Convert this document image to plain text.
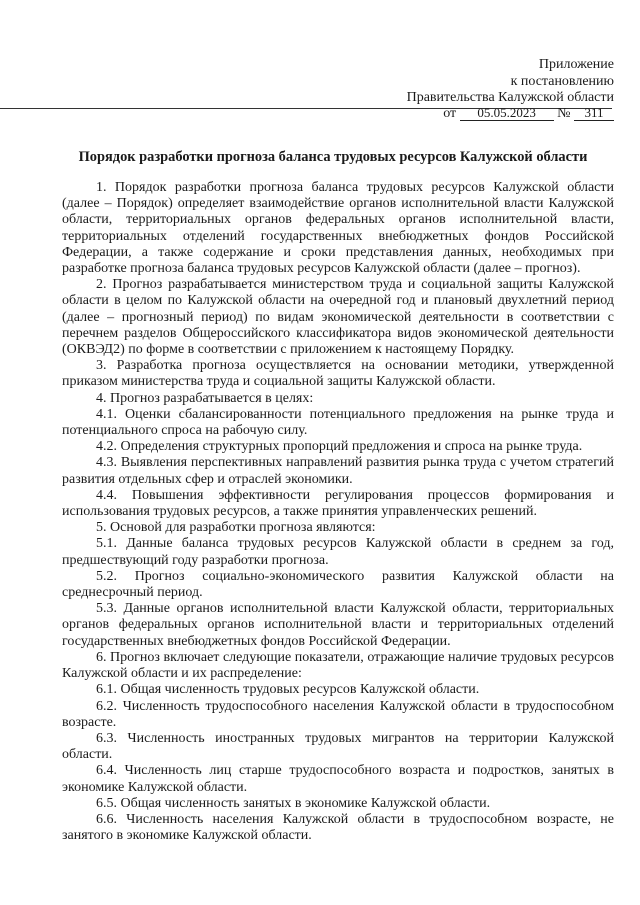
Приложение
к постановлению
Правительства Калужской области
от 05.05.2023 № 311
Порядок разработки прогноза баланса трудовых ресурсов Калужской области

1. Порядок разработки прогноза баланса трудовых ресурсов Калужской области (далее – Порядок) определяет взаимодействие органов исполнительной власти Калужской области, территориальных органов федеральных органов исполнительной власти, территориальных отделений государственных внебюджетных фондов Российской Федерации, а также содержание и сроки представления данных, необходимых при разработке прогноза баланса трудовых ресурсов Калужской области (далее – прогноз).

2. Прогноз разрабатывается министерством труда и социальной защиты Калужской области в целом по Калужской области на очередной год и плановый двухлетний период (далее – прогнозный период) по видам экономической деятельности в соответствии с перечнем разделов Общероссийского классификатора видов экономической деятельности (ОКВЭД2) по форме в соответствии с приложением к настоящему Порядку.

3. Разработка прогноза осуществляется на основании методики, утвержденной приказом министерства труда и социальной защиты Калужской области.

4. Прогноз разрабатывается в целях:

4.1. Оценки сбалансированности потенциального предложения на рынке труда и потенциального спроса на рабочую силу.

4.2. Определения структурных пропорций предложения и спроса на рынке труда.

4.3. Выявления перспективных направлений развития рынка труда с учетом стратегий развития отдельных сфер и отраслей экономики.

4.4. Повышения эффективности регулирования процессов формирования и использования трудовых ресурсов, а также принятия управленческих решений.

5. Основой для разработки прогноза являются:

5.1. Данные баланса трудовых ресурсов Калужской области в среднем за год, предшествующий году разработки прогноза.

5.2. Прогноз социально-экономического развития Калужской области на среднесрочный период.

5.3. Данные органов исполнительной власти Калужской области, территориальных органов федеральных органов исполнительной власти и территориальных отделений государственных внебюджетных фондов Российской Федерации.

6. Прогноз включает следующие показатели, отражающие наличие трудовых ресурсов Калужской области и их распределение:

6.1. Общая численность трудовых ресурсов Калужской области.

6.2. Численность трудоспособного населения Калужской области в трудоспособном возрасте.

6.3. Численность иностранных трудовых мигрантов на территории Калужской области.

6.4. Численность лиц старше трудоспособного возраста и подростков, занятых в экономике Калужской области.

6.5. Общая численность занятых в экономике Калужской области.

6.6. Численность населения Калужской области в трудоспособном возрасте, не занятого в экономике Калужской области.
